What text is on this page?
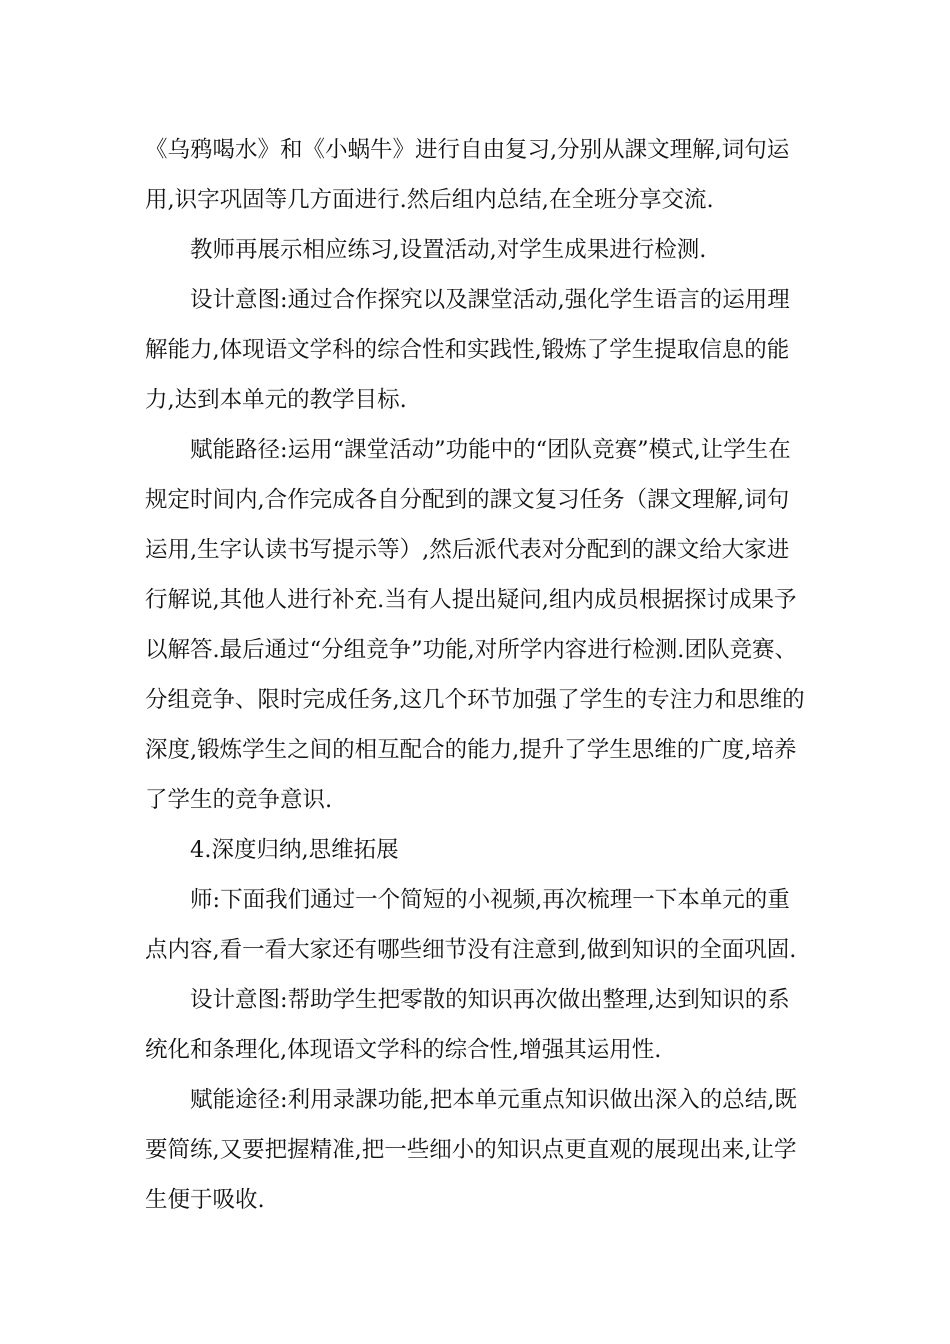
《乌鸦喝水》和《小蜗牛》进行自由复习,分别从課文理解,词句运用,识字巩固等几方面进行.然后组内总结,在全班分享交流.

教师再展示相应练习,设置活动,对学生成果进行检测.

设计意图:通过合作探究以及課堂活动,强化学生语言的运用理解能力,体现语文学科的综合性和实践性,锻炼了学生提取信息的能力,达到本单元的教学目标.

赋能路径:运用“課堂活动”功能中的“团队竞赛”模式,让学生在规定时间内,合作完成各自分配到的課文复习任务（課文理解,词句运用,生字认读书写提示等）,然后派代表对分配到的課文给大家进行解说,其他人进行补充.当有人提出疑问,组内成员根据探讨成果予以解答.最后通过“分组竞争”功能,对所学内容进行检测.团队竞赛、分组竞争、限时完成任务,这几个环节加强了学生的专注力和思维的深度,锻炼学生之间的相互配合的能力,提升了学生思维的广度,培养了学生的竞争意识.

4.深度归纳,思维拓展

师:下面我们通过一个简短的小视频,再次梳理一下本单元的重点内容,看一看大家还有哪些细节没有注意到,做到知识的全面巩固.

设计意图:帮助学生把零散的知识再次做出整理,达到知识的系统化和条理化,体现语文学科的综合性,增强其运用性.

赋能途径:利用录課功能,把本单元重点知识做出深入的总结,既要简练,又要把握精准,把一些细小的知识点更直观的展现出来,让学生便于吸收.
